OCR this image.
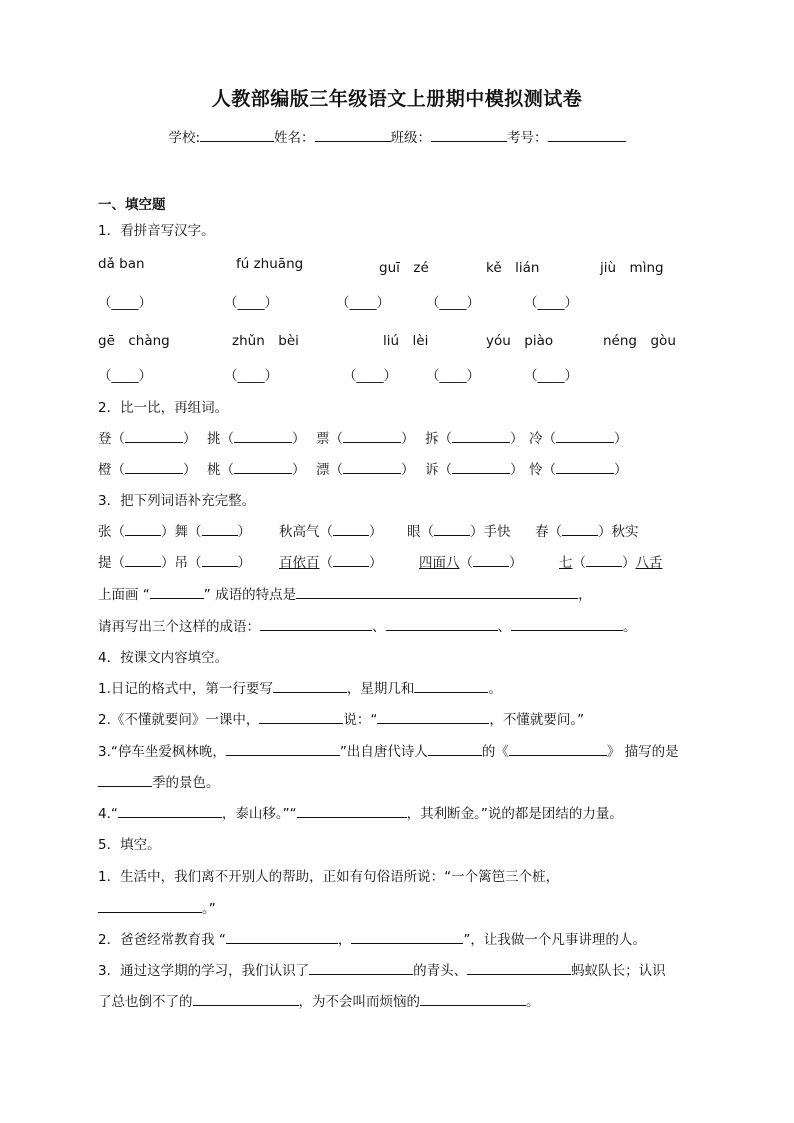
人教部编版三年级语文上册期中模拟测试卷
学校:	姓名：	班级：	考号：
一、填空题
1．看拼音写汉字。
dǎ ban	fú zhuāng	guī　zé	kě　lián	jiù　mìng
（____）	（____）	（____）	（____）	（____）
gē　chàng	zhǔn　bèi	liú　lèi	yóu　piào	néng　gòu
（____）	（____）	（____） （____）	（____）
2．比一比，再组词。
登（	） 挑（	） 票（	） 拆（	） 冷（	）
橙（	） 桃（	） 漂（	） 诉（	） 怜（	）
3．把下列词语补充完整。
张（	）舞（	） 秋高气（	） 眼（	）手快 春（	）秋实
提（	）吊（	） 百依百（	）	四面八（	）	七（	）八舌
上面画 “	” 成语的特点是	，
请再写出三个这样的成语：	、	、	。
4．按课文内容填空。
1.日记的格式中，第一行要写	，星期几和	。
2.《不懂就要问》一课中，	说：“	，不懂就要问。”
3.“停车坐爱枫林晚，	”出自唐代诗人	的《	》 描写的是
季的景色。
4.“	，泰山移。”“	，其利断金。”说的都是团结的力量。
5．填空。
1．生活中，我们离不开别人的帮助，正如有句俗语所说：“一个篱笆三个桩，
。”
2．爸爸经常教育我 “	，	”，让我做一个凡事讲理的人。
3．通过这学期的学习，我们认识了	的青头、	蚂蚁队长；认识
了总也倒不了的	，为不会叫而烦恼的	。
